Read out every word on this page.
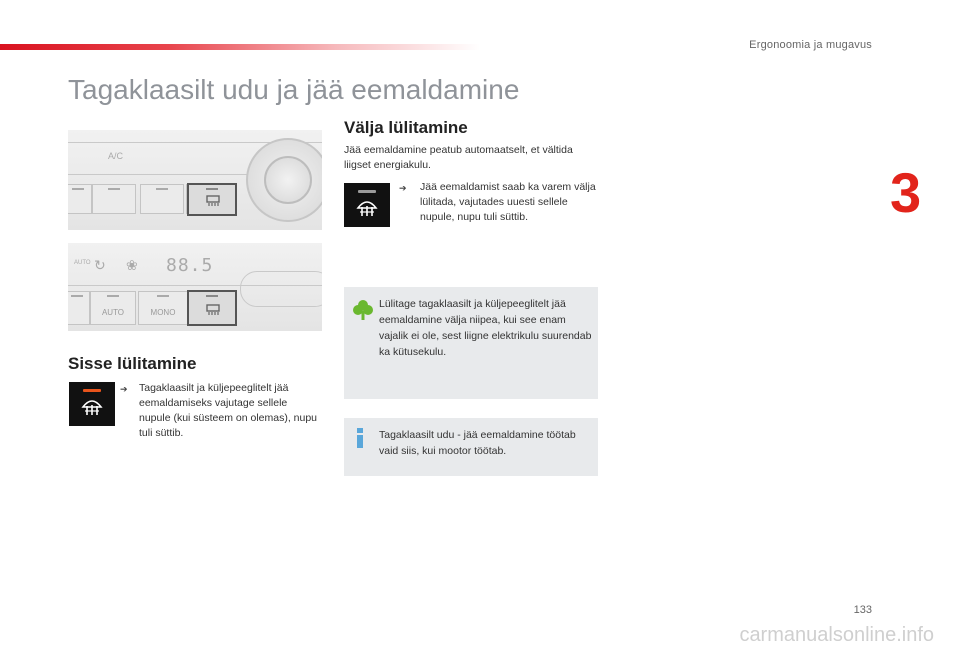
Ergonoomia ja mugavus
3
Tagaklaasilt udu ja jää eemaldamine
A/C
AUTO ↻ ❀ 88.5
AUTO	MONO
Sisse lülitamine
➔ Tagaklaasilt ja küljepeeglitelt jää eemaldamiseks vajutage sellele nupule (kui süsteem on olemas), nupu tuli süttib.
Välja lülitamine
Jää eemaldamine peatub automaatselt, et vältida liigset energiakulu.
➔ Jää eemaldamist saab ka varem välja lülitada, vajutades uuesti sellele nupule, nupu tuli süttib.
Lülitage tagaklaasilt ja küljepeeglitelt jää eemaldamine välja niipea, kui see enam vajalik ei ole, sest liigne elektrikulu suurendab ka kütusekulu.
Tagaklaasilt udu - jää eemaldamine töötab vaid siis, kui mootor töötab.
133
carmanualsonline.info
